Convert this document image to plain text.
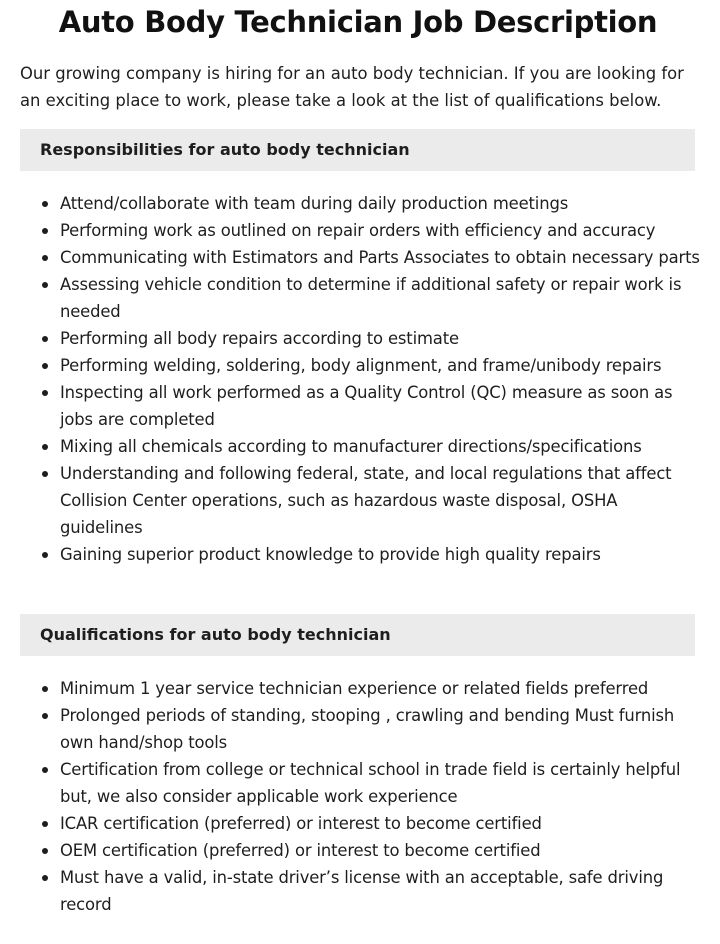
Auto Body Technician Job Description

Our growing company is hiring for an auto body technician. If you are looking for an exciting place to work, please take a look at the list of qualifications below.

Responsibilities for auto body technician
Attend/collaborate with team during daily production meetings
Performing work as outlined on repair orders with efficiency and accuracy
Communicating with Estimators and Parts Associates to obtain necessary parts
Assessing vehicle condition to determine if additional safety or repair work is needed
Performing all body repairs according to estimate
Performing welding, soldering, body alignment, and frame/unibody repairs
Inspecting all work performed as a Quality Control (QC) measure as soon as jobs are completed
Mixing all chemicals according to manufacturer directions/specifications
Understanding and following federal, state, and local regulations that affect Collision Center operations, such as hazardous waste disposal, OSHA guidelines
Gaining superior product knowledge to provide high quality repairs
Qualifications for auto body technician
Minimum 1 year service technician experience or related fields preferred
Prolonged periods of standing, stooping , crawling and bending Must furnish own hand/shop tools
Certification from college or technical school in trade field is certainly helpful but, we also consider applicable work experience
ICAR certification (preferred) or interest to become certified
OEM certification (preferred) or interest to become certified
Must have a valid, in-state driver’s license with an acceptable, safe driving record
